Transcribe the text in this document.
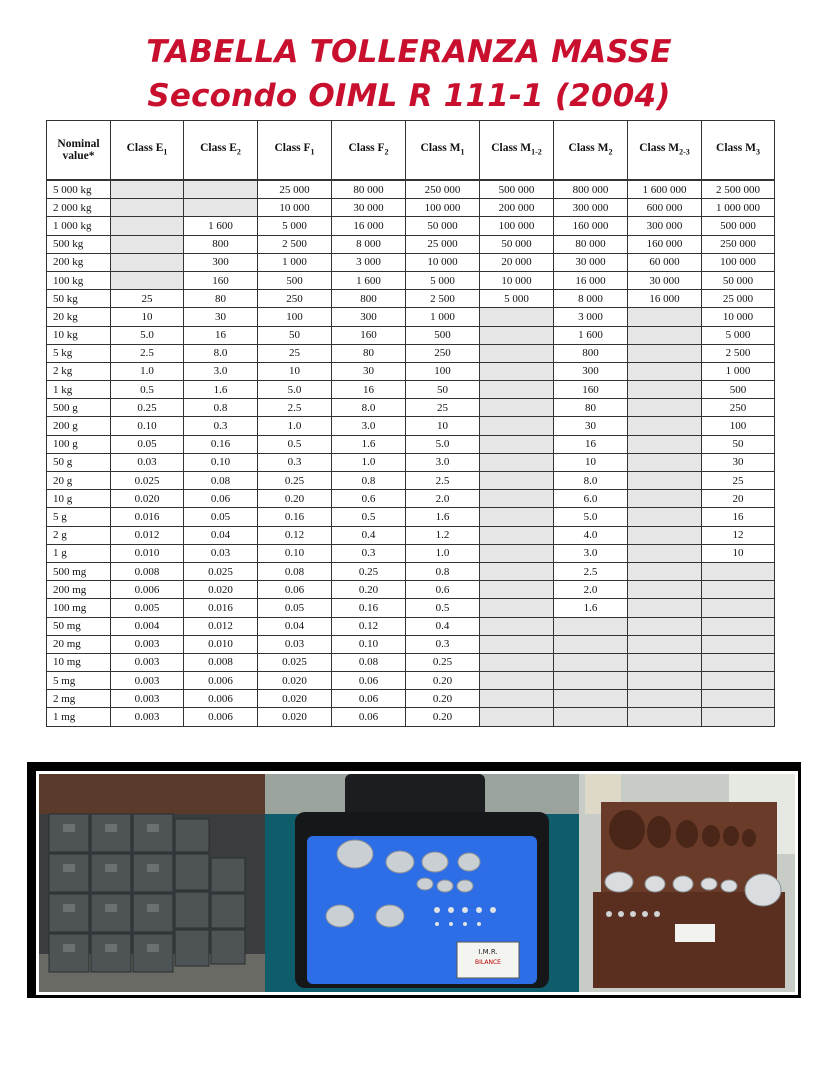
TABELLA TOLLERANZA MASSE
Secondo OIML R 111-1 (2004)
Nominal value*	Class $E_1$	Class $E_2$	Class $F_1$	Class $F_2$	Class $M_1$	Class $M_{1-2}$	Class $M_2$	Class $M_{2-3}$	Class $M_3$
5 000 kg			25 000	80 000	250 000	500 000	800 000	1 600 000	2 500 000
2 000 kg			10 000	30 000	100 000	200 000	300 000	600 000	1 000 000
1 000 kg		1 600	5 000	16 000	50 000	100 000	160 000	300 000	500 000
500 kg		800	2 500	8 000	25 000	50 000	80 000	160 000	250 000
200 kg		300	1 000	3 000	10 000	20 000	30 000	60 000	100 000
100 kg		160	500	1 600	5 000	10 000	16 000	30 000	50 000
50 kg	25	80	250	800	2 500	5 000	8 000	16 000	25 000
20 kg	10	30	100	300	1 000		3 000		10 000
10 kg	5.0	16	50	160	500		1 600		5 000
5 kg	2.5	8.0	25	80	250		800		2 500
2 kg	1.0	3.0	10	30	100		300		1 000
1 kg	0.5	1.6	5.0	16	50		160		500
500 g	0.25	0.8	2.5	8.0	25		80		250
200 g	0.10	0.3	1.0	3.0	10		30		100
100 g	0.05	0.16	0.5	1.6	5.0		16		50
50 g	0.03	0.10	0.3	1.0	3.0		10		30
20 g	0.025	0.08	0.25	0.8	2.5		8.0		25
10 g	0.020	0.06	0.20	0.6	2.0		6.0		20
5 g	0.016	0.05	0.16	0.5	1.6		5.0		16
2 g	0.012	0.04	0.12	0.4	1.2		4.0		12
1 g	0.010	0.03	0.10	0.3	1.0		3.0		10
500 mg	0.008	0.025	0.08	0.25	0.8		2.5		
200 mg	0.006	0.020	0.06	0.20	0.6		2.0		
100 mg	0.005	0.016	0.05	0.16	0.5		1.6		
50 mg	0.004	0.012	0.04	0.12	0.4				
20 mg	0.003	0.010	0.03	0.10	0.3				
10 mg	0.003	0.008	0.025	0.08	0.25				
5 mg	0.003	0.006	0.020	0.06	0.20				
2 mg	0.003	0.006	0.020	0.06	0.20				
1 mg	0.003	0.006	0.020	0.06	0.20				
I.M.R.
BILANCE
